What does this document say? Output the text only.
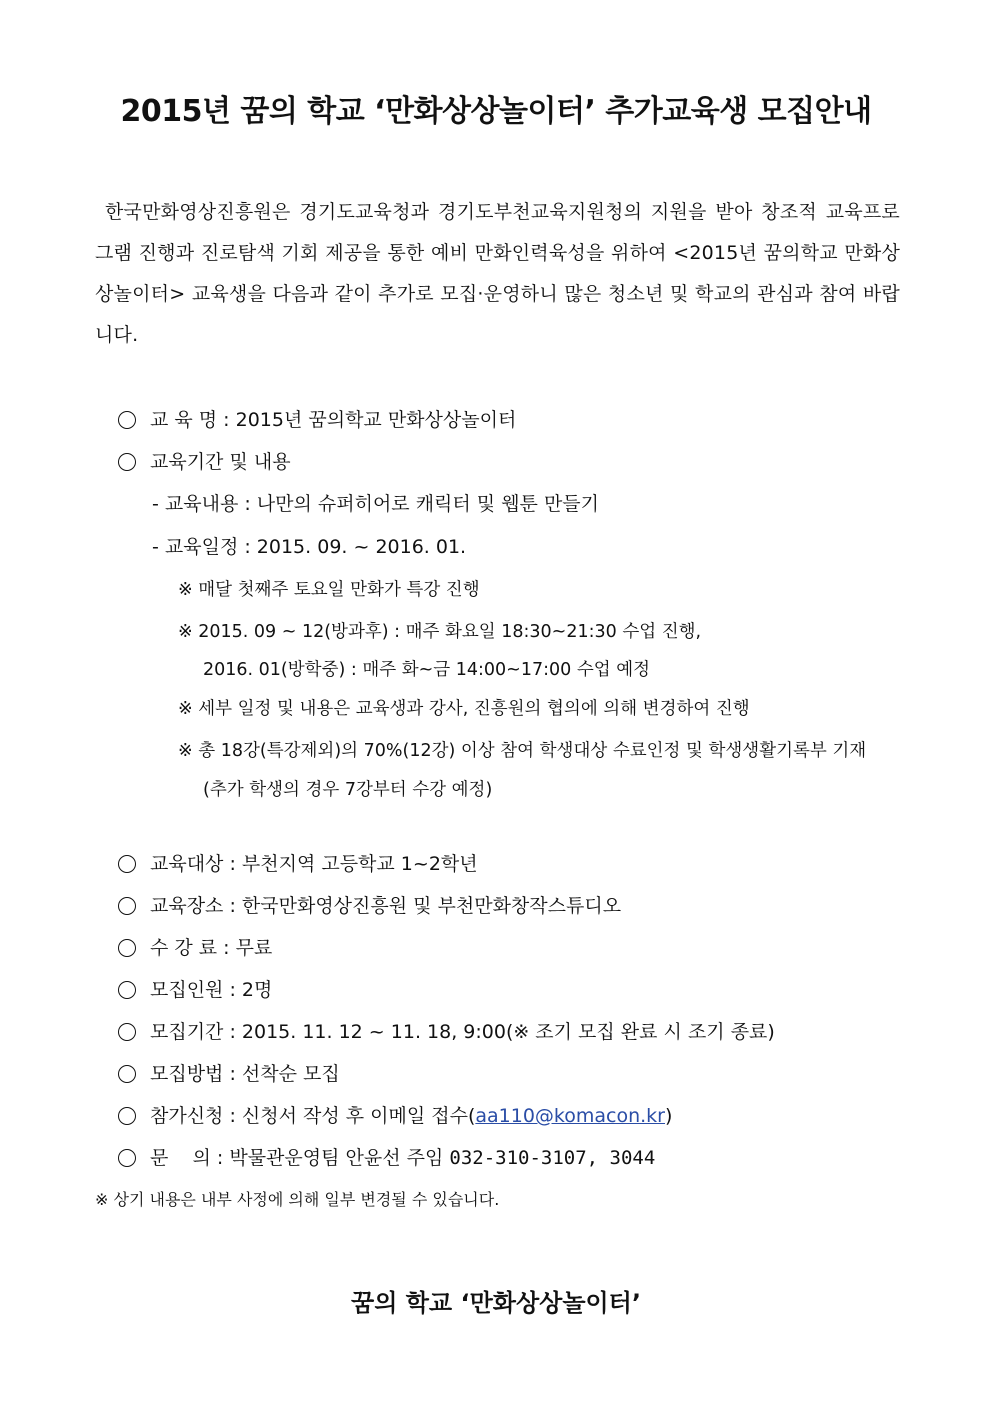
2015년 꿈의 학교 ‘만화상상놀이터’ 추가교육생 모집안내
한국만화영상진흥원은 경기도교육청과 경기도부천교육지원청의 지원을 받아 창조적 교육프로그램 진행과 진로탐색 기회 제공을 통한 예비 만화인력육성을 위하여 <2015년 꿈의학교 만화상상놀이터> 교육생을 다음과 같이 추가로 모집·운영하니 많은 청소년 및 학교의 관심과 참여 바랍니다.
교 육 명 : 2015년 꿈의학교 만화상상놀이터
교육기간 및 내용
- 교육내용 : 나만의 슈퍼히어로 캐릭터 및 웹툰 만들기
- 교육일정 : 2015. 09. ~ 2016. 01.
※ 매달 첫째주 토요일 만화가 특강 진행
※ 2015. 09 ~ 12(방과후) : 매주 화요일 18:30~21:30 수업 진행,
2016. 01(방학중) : 매주 화~금 14:00~17:00 수업 예정
※ 세부 일정 및 내용은 교육생과 강사, 진흥원의 협의에 의해 변경하여 진행
※ 총 18강(특강제외)의 70%(12강) 이상 참여 학생대상 수료인정 및 학생생활기록부 기재
(추가 학생의 경우 7강부터 수강 예정)
교육대상 : 부천지역 고등학교 1~2학년
교육장소 : 한국만화영상진흥원 및 부천만화창작스튜디오
수 강 료 : 무료
모집인원 : 2명
모집기간 : 2015. 11. 12 ~ 11. 18, 9:00(※ 조기 모집 완료 시 조기 종료)
모집방법 : 선착순 모집
참가신청 : 신청서 작성 후 이메일 접수(aa110@komacon.kr)
문    의 : 박물관운영팀 안윤선 주임 032-310-3107, 3044
※ 상기 내용은 내부 사정에 의해 일부 변경될 수 있습니다.
꿈의 학교 ‘만화상상놀이터’
